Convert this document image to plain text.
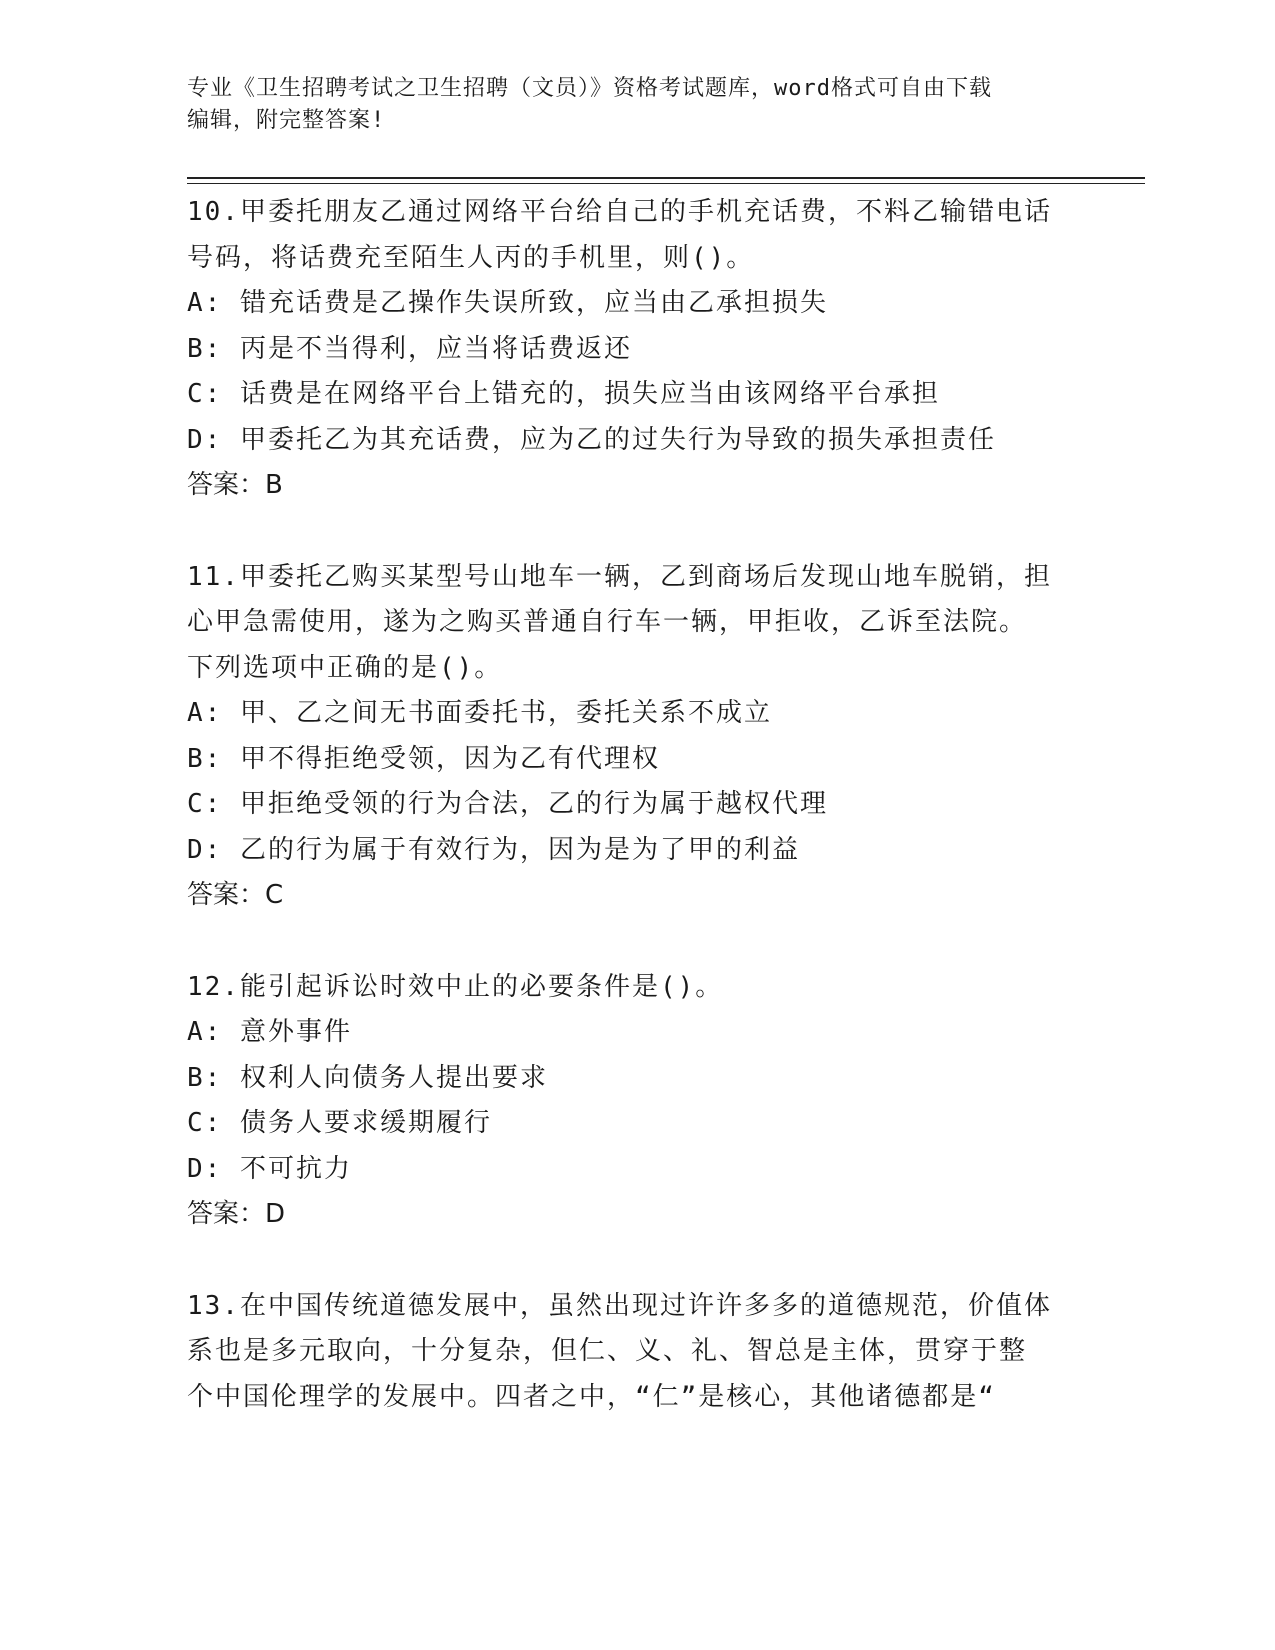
专业《卫生招聘考试之卫生招聘（文员）》资格考试题库，word格式可自由下载
编辑，附完整答案!
10.甲委托朋友乙通过网络平台给自己的手机充话费，不料乙输错电话
号码，将话费充至陌生人丙的手机里，则()。
A: 错充话费是乙操作失误所致，应当由乙承担损失
B: 丙是不当得利，应当将话费返还
C: 话费是在网络平台上错充的，损失应当由该网络平台承担
D: 甲委托乙为其充话费，应为乙的过失行为导致的损失承担责任
答案：B
11.甲委托乙购买某型号山地车一辆，乙到商场后发现山地车脱销，担
心甲急需使用，遂为之购买普通自行车一辆，甲拒收，乙诉至法院。
下列选项中正确的是()。
A: 甲、乙之间无书面委托书，委托关系不成立
B: 甲不得拒绝受领，因为乙有代理权
C: 甲拒绝受领的行为合法，乙的行为属于越权代理
D: 乙的行为属于有效行为，因为是为了甲的利益
答案：C
12.能引起诉讼时效中止的必要条件是()。
A: 意外事件
B: 权利人向债务人提出要求
C: 债务人要求缓期履行
D: 不可抗力
答案：D
13.在中国传统道德发展中，虽然出现过许许多多的道德规范，价值体
系也是多元取向，十分复杂，但仁、义、礼、智总是主体，贯穿于整
个中国伦理学的发展中。四者之中，“仁”是核心，其他诸德都是“
